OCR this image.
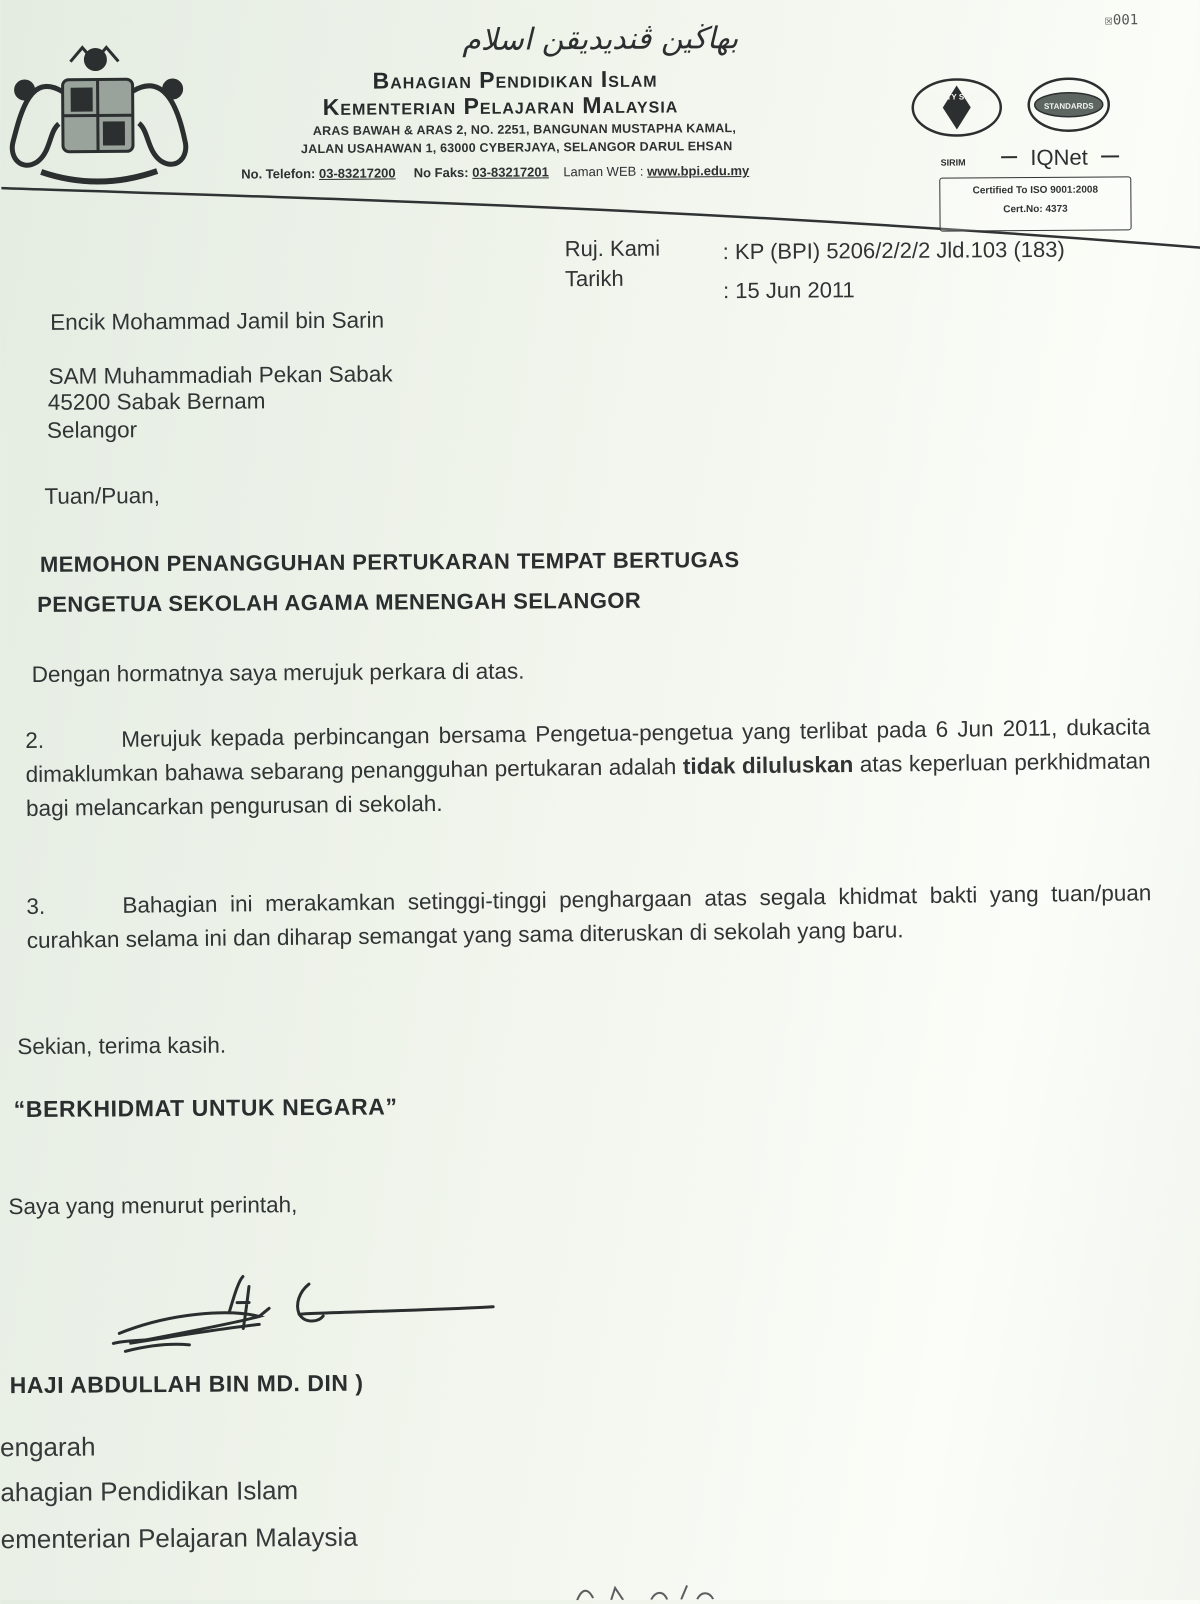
☒001
بهاڬين ڤنديديقن اسلام
Bahagian Pendidikan Islam
Kementerian Pelajaran Malaysia
ARAS BAWAH & ARAS 2, NO. 2251, BANGUNAN MUSTAPHA KAMAL,
JALAN USAHAWAN 1, 63000 CYBERJAYA, SELANGOR DARUL EHSAN
No. Telefon: 03-83217200 No Faks: 03-83217201 Laman WEB : www.bpi.edu.my
QUALITY SYSTEM
SIRIM
STANDARDS
IQNet
Certified To ISO 9001:2008
Cert.No: 4373
Ruj. Kami	: KP (BPI) 5206/2/2/2 Jld.103 (183)
Tarikh	: 15 Jun 2011
Encik Mohammad Jamil bin Sarin
SAM Muhammadiah Pekan Sabak
45200 Sabak Bernam
Selangor
Tuan/Puan,
MEMOHON PENANGGUHAN PERTUKARAN TEMPAT BERTUGAS
PENGETUA SEKOLAH AGAMA MENENGAH SELANGOR
Dengan hormatnya saya merujuk perkara di atas.
2.	Merujuk kepada perbincangan bersama Pengetua-pengetua yang terlibat pada 6 Jun 2011, dukacita dimaklumkan bahawa sebarang penangguhan pertukaran adalah tidak diluluskan atas keperluan perkhidmatan bagi melancarkan pengurusan di sekolah.
3.	Bahagian ini merakamkan setinggi-tinggi penghargaan atas segala khidmat bakti yang tuan/puan curahkan selama ini dan diharap semangat yang sama diteruskan di sekolah yang baru.
Sekian, terima kasih.
“BERKHIDMAT UNTUK NEGARA”
Saya yang menurut perintah,
HAJI ABDULLAH BIN MD. DIN )
engarah
ahagian Pendidikan Islam
ementerian Pelajaran Malaysia
